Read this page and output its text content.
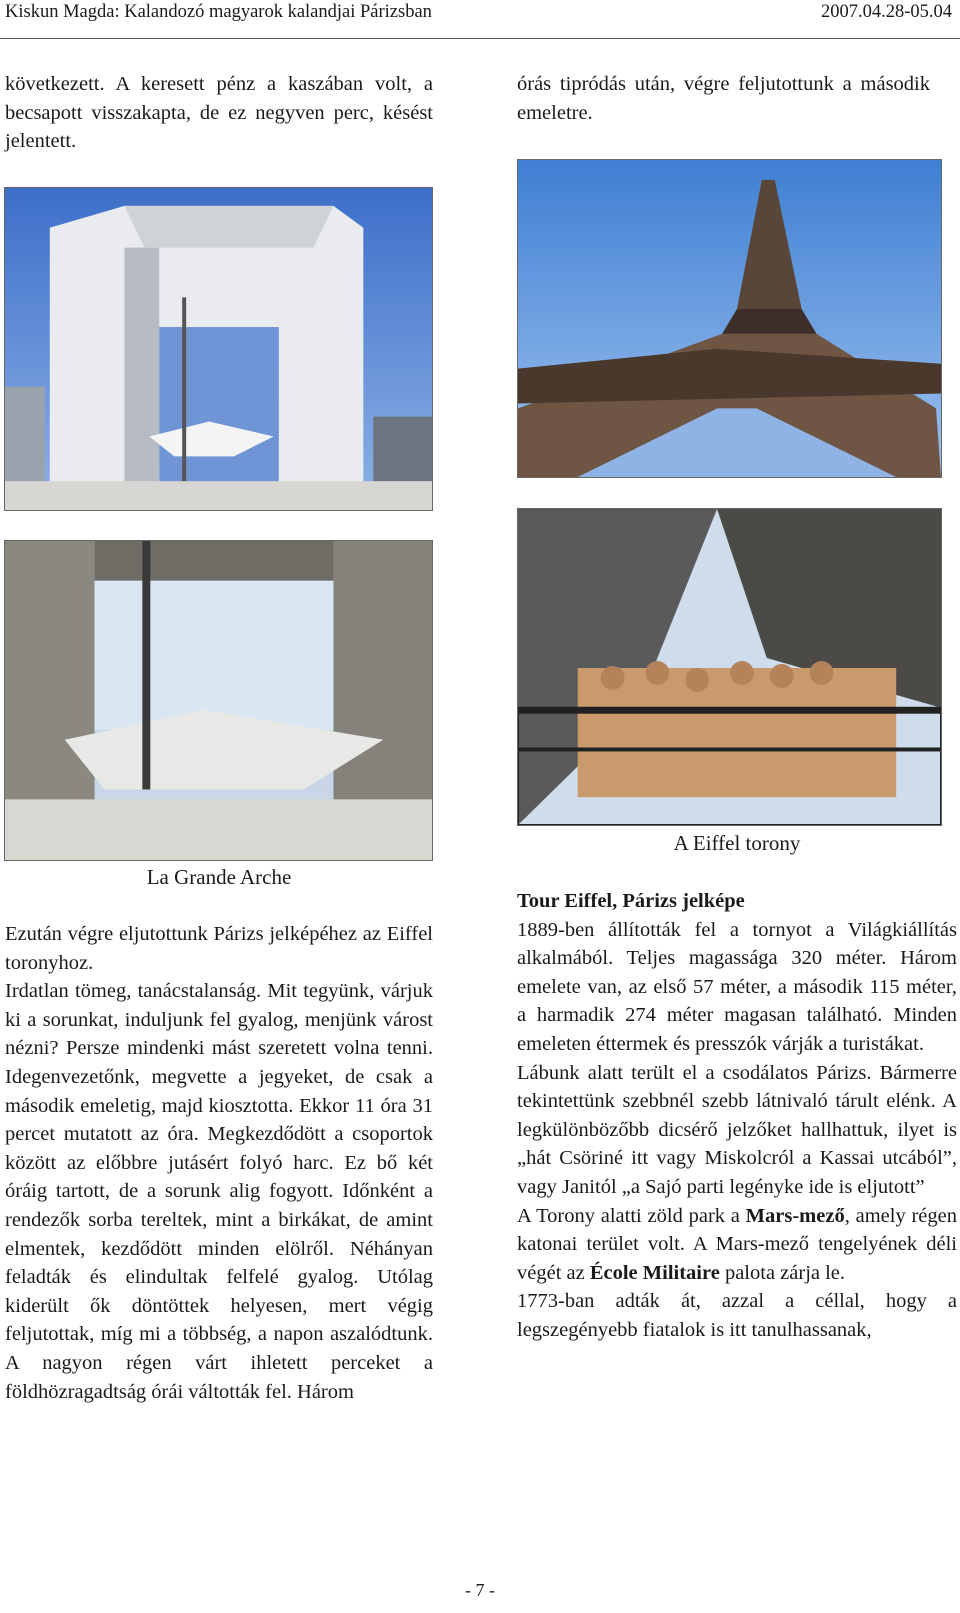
Kiskun Magda: Kalandozó magyarok kalandjai Párizsban	2007.04.28-05.04

következett. A keresett pénz a kaszában volt, a becsapott visszakapta, de ez negyven perc, késést jelentett.

órás tipródás után, végre feljutottunk a második emeletre.

A Eiffel torony
La Grande Arche

Ezután végre eljutottunk Párizs jelképéhez az Eiffel toronyhoz.

Irdatlan tömeg, tanácstalanság. Mit tegyünk, várjuk ki a sorunkat, induljunk fel gyalog, menjünk várost nézni? Persze mindenki mást szeretett volna tenni. Idegenvezetőnk, megvette a jegyeket, de csak a második emeletig, majd kiosztotta. Ekkor 11 óra 31 percet mutatott az óra. Megkezdődött a csoportok között az előbbre jutásért folyó harc. Ez bő két óráig tartott, de a sorunk alig fogyott. Időnként a rendezők sorba tereltek, mint a birkákat, de amint elmentek, kezdődött minden elölről. Néhányan feladták és elindultak felfelé gyalog. Utólag kiderült ők döntöttek helyesen, mert végig feljutottak, míg mi a többség, a napon aszalódtunk. A nagyon régen várt ihletett perceket a földhözragadtság órái váltották fel. Három

Tour Eiffel, Párizs jelképe

1889-ben állították fel a tornyot a Világkiállítás alkalmából. Teljes magassága 320 méter. Három emelete van, az első 57 méter, a második 115 méter, a harmadik 274 méter magasan található. Minden emeleten éttermek és presszók várják a turistákat.

Lábunk alatt terült el a csodálatos Párizs. Bármerre tekintettünk szebbnél szebb látnivaló tárult elénk. A legkülönbözőbb dicsérő jelzőket hallhattuk, ilyet is „hát Csöriné itt vagy Miskolcról a Kassai utcából”, vagy Janitól „a Sajó parti legényke ide is eljutott”

A Torony alatti zöld park a Mars-mező, amely régen katonai terület volt. A Mars-mező tengelyének déli végét az École Militaire palota zárja le.

1773-ban adták át, azzal a céllal, hogy a legszegényebb fiatalok is itt tanulhassanak,

- 7 -
